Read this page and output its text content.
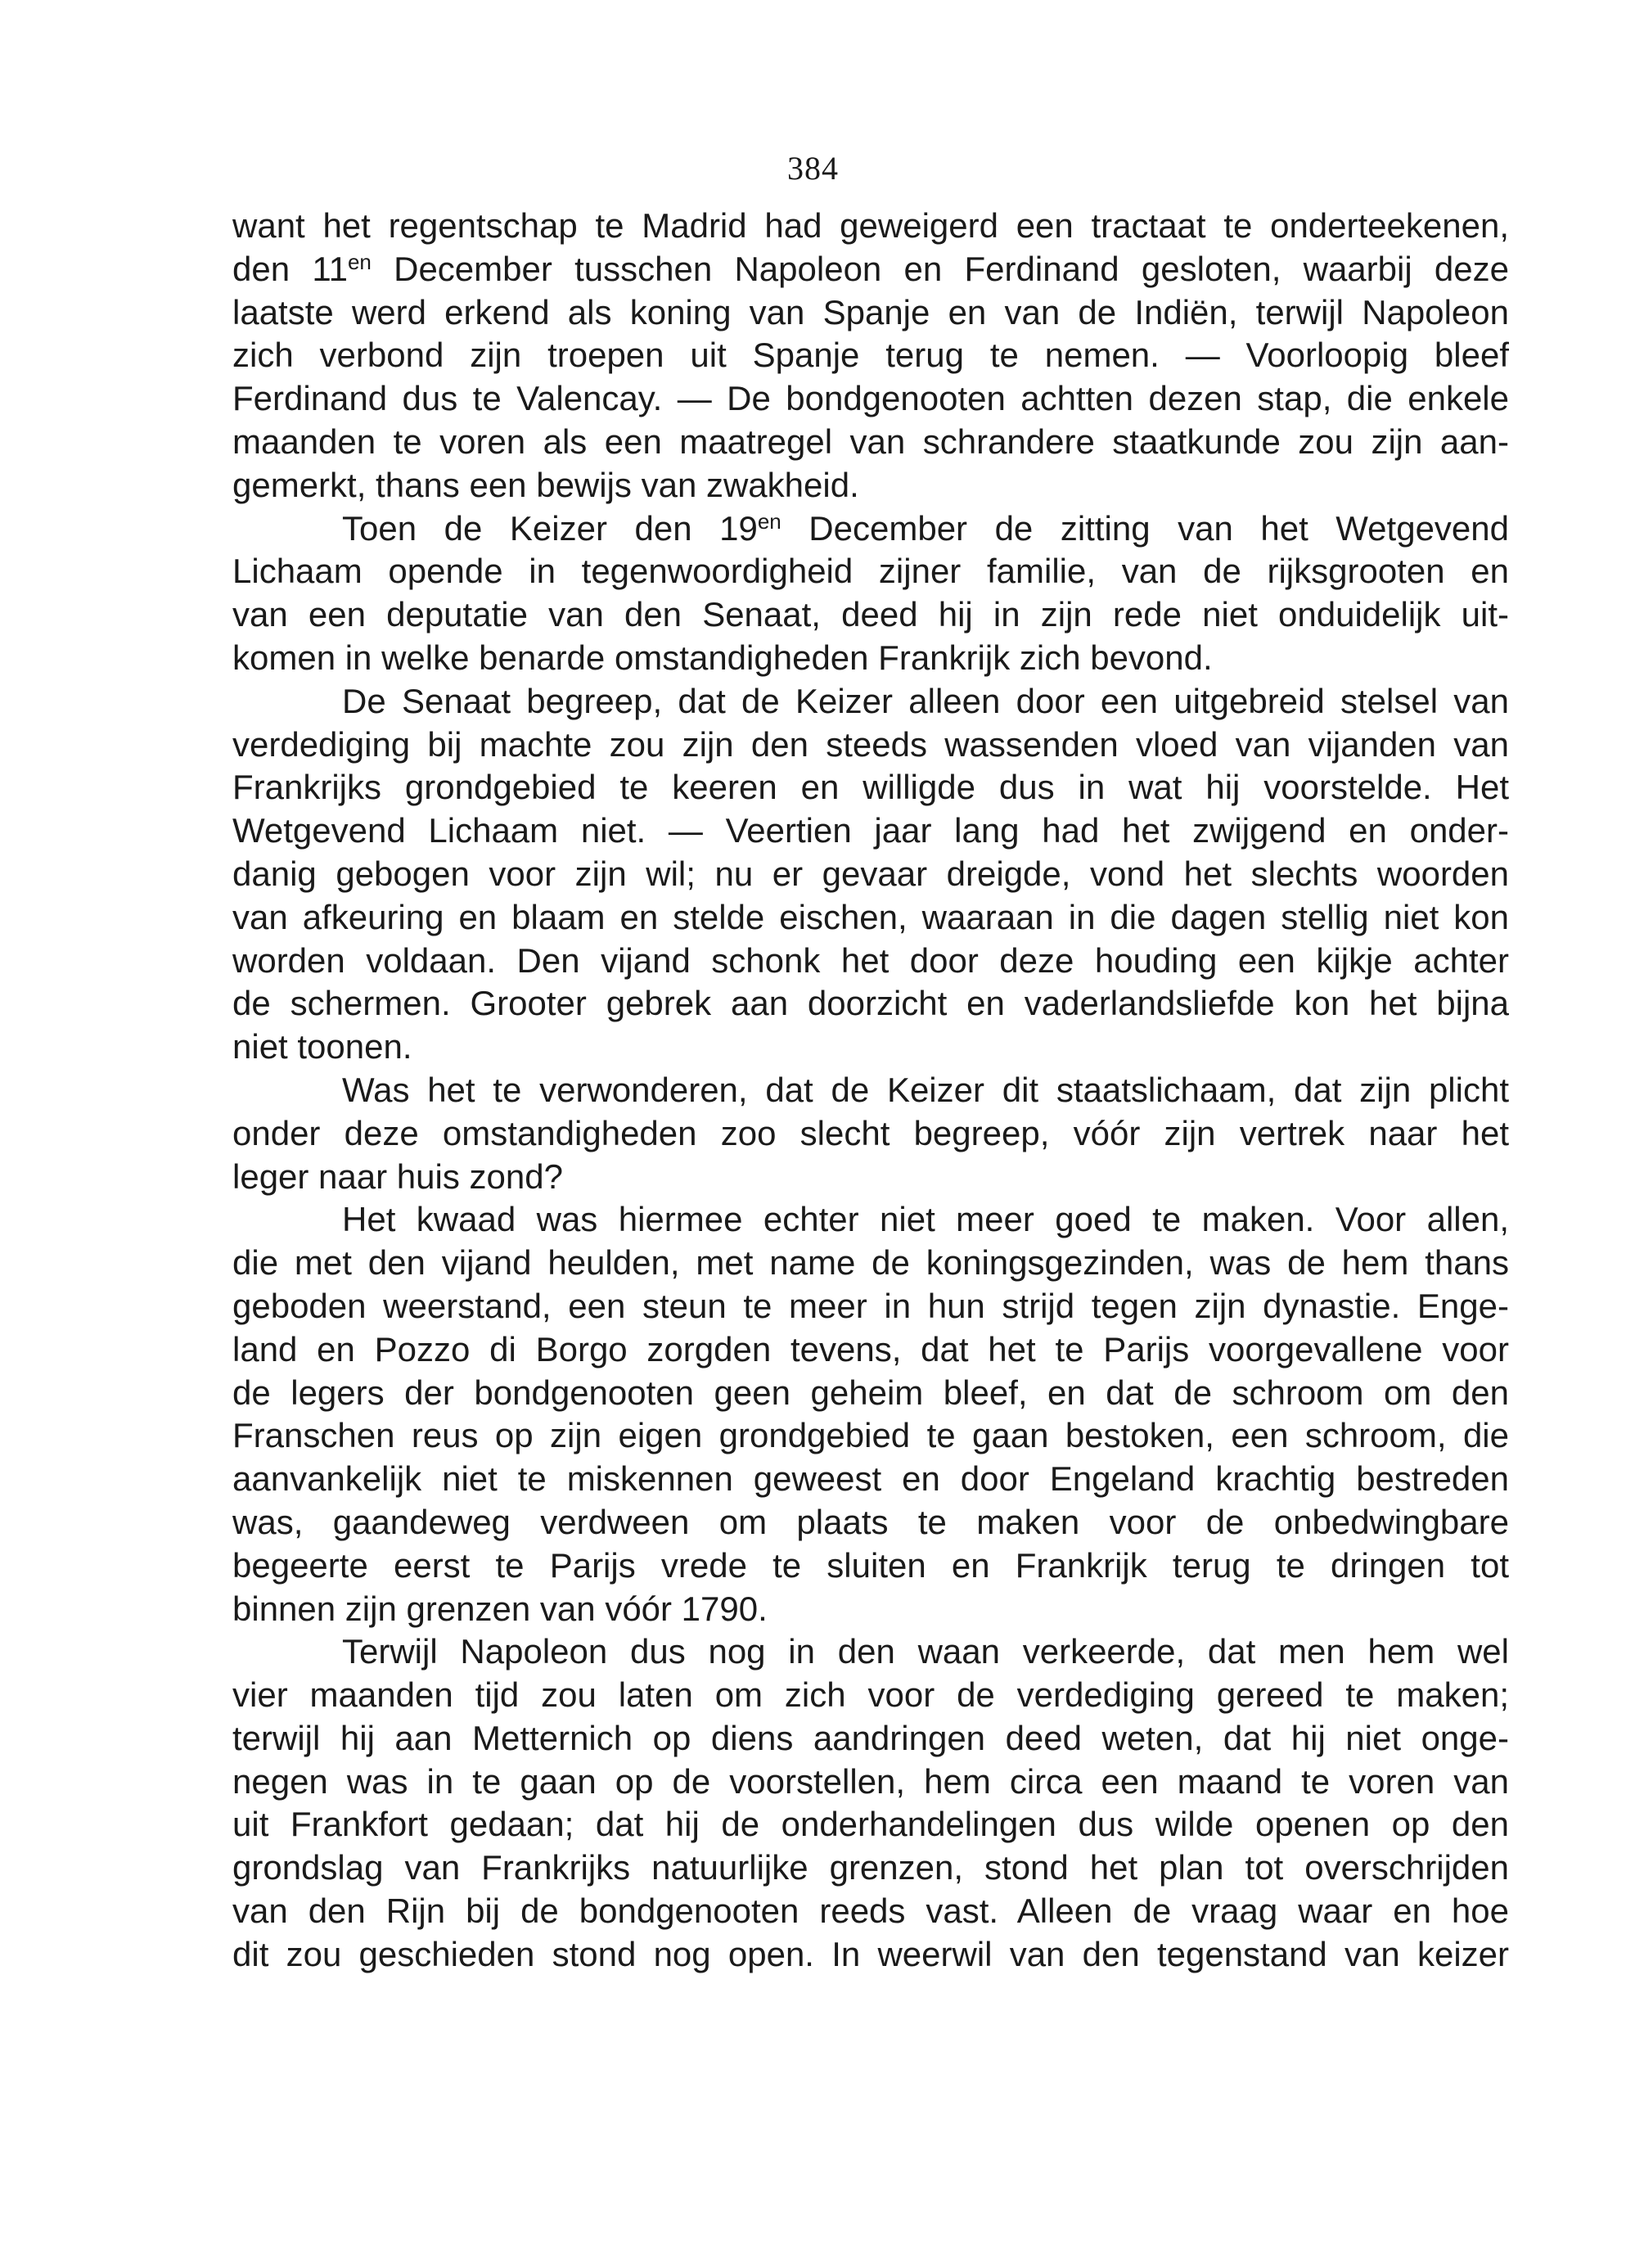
384
want het regentschap te Madrid had geweigerd een tractaat te onderteekenen,
den $11^{en}$ December tusschen Napoleon en Ferdinand gesloten, waarbij deze
laatste werd erkend als koning van Spanje en van de Indiën, terwijl Napoleon
zich verbond zijn troepen uit Spanje terug te nemen. — Voorloopig bleef
Ferdinand dus te Valencay. — De bondgenooten achtten dezen stap, die enkele
maanden te voren als een maatregel van schrandere staatkunde zou zijn aan-
gemerkt, thans een bewijs van zwakheid.
Toen de Keizer den $19^{en}$ December de zitting van het Wetgevend
Lichaam opende in tegenwoordigheid zijner familie, van de rijksgrooten en
van een deputatie van den Senaat, deed hij in zijn rede niet onduidelijk uit-
komen in welke benarde omstandigheden Frankrijk zich bevond.
De Senaat begreep, dat de Keizer alleen door een uitgebreid stelsel van
verdediging bij machte zou zijn den steeds wassenden vloed van vijanden van
Frankrijks grondgebied te keeren en willigde dus in wat hij voorstelde. Het
Wetgevend Lichaam niet. — Veertien jaar lang had het zwijgend en onder-
danig gebogen voor zijn wil; nu er gevaar dreigde, vond het slechts woorden
van afkeuring en blaam en stelde eischen, waaraan in die dagen stellig niet kon
worden voldaan. Den vijand schonk het door deze houding een kijkje achter
de schermen. Grooter gebrek aan doorzicht en vaderlandsliefde kon het bijna
niet toonen.
Was het te verwonderen, dat de Keizer dit staatslichaam, dat zijn plicht
onder deze omstandigheden zoo slecht begreep, vóór zijn vertrek naar het
leger naar huis zond?
Het kwaad was hiermee echter niet meer goed te maken. Voor allen,
die met den vijand heulden, met name de koningsgezinden, was de hem thans
geboden weerstand, een steun te meer in hun strijd tegen zijn dynastie. Enge-
land en Pozzo di Borgo zorgden tevens, dat het te Parijs voorgevallene voor
de legers der bondgenooten geen geheim bleef, en dat de schroom om den
Franschen reus op zijn eigen grondgebied te gaan bestoken, een schroom, die
aanvankelijk niet te miskennen geweest en door Engeland krachtig bestreden
was, gaandeweg verdween om plaats te maken voor de onbedwingbare
begeerte eerst te Parijs vrede te sluiten en Frankrijk terug te dringen tot
binnen zijn grenzen van vóór 1790.
Terwijl Napoleon dus nog in den waan verkeerde, dat men hem wel
vier maanden tijd zou laten om zich voor de verdediging gereed te maken;
terwijl hij aan Metternich op diens aandringen deed weten, dat hij niet onge-
negen was in te gaan op de voorstellen, hem circa een maand te voren van
uit Frankfort gedaan; dat hij de onderhandelingen dus wilde openen op den
grondslag van Frankrijks natuurlijke grenzen, stond het plan tot overschrijden
van den Rijn bij de bondgenooten reeds vast. Alleen de vraag waar en hoe
dit zou geschieden stond nog open. In weerwil van den tegenstand van keizer
